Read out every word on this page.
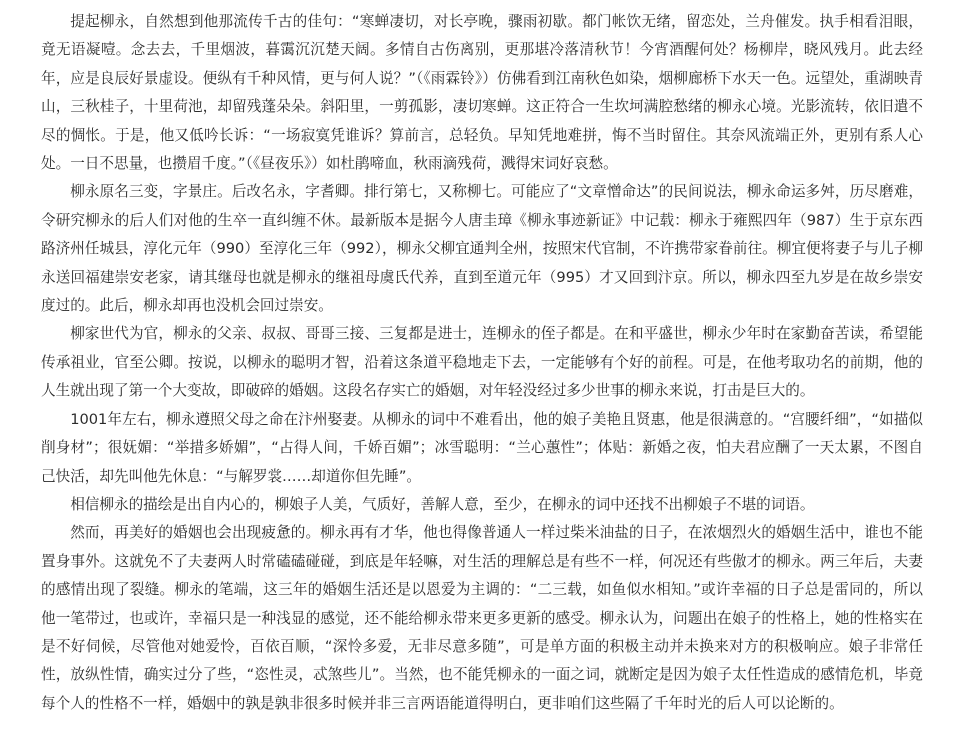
提起柳永，自然想到他那流传千古的佳句：“寒蝉凄切，对长亭晚，骤雨初歇。都门帐饮无绪，留恋处，兰舟催发。执手相看泪眼，竟无语凝噎。念去去，千里烟波，暮霭沉沉楚天阔。多情自古伤离别，更那堪冷落清秋节！今宵酒醒何处？杨柳岸，晓风残月。此去经年，应是良辰好景虚设。便纵有千种风情，更与何人说？”（《雨霖铃》）仿佛看到江南秋色如染，烟柳廊桥下水天一色。远望处，重湖映青山，三秋桂子，十里荷池，却留残蓬朵朵。斜阳里，一剪孤影，凄切寒蝉。这正符合一生坎坷满腔愁绪的柳永心境。光影流转，依旧遣不尽的惆怅。于是，他又低吟长诉：“一场寂寞凭谁诉？算前言，总轻负。早知凭地难拼，悔不当时留住。其奈风流端正外，更别有系人心处。一日不思量，也攒眉千度。”（《昼夜乐》）如杜鹃啼血，秋雨滴残荷，溅得宋词好哀愁。

柳永原名三变，字景庄。后改名永，字耆卿。排行第七，又称柳七。可能应了“文章憎命达”的民间说法，柳永命运多舛，历尽磨难，令研究柳永的后人们对他的生卒一直纠缠不休。最新版本是据今人唐圭璋《柳永事迹新证》中记载：柳永于雍熙四年（987）生于京东西路济州任城县，淳化元年（990）至淳化三年（992），柳永父柳宜通判全州，按照宋代官制，不许携带家眷前往。柳宜便将妻子与儿子柳永送回福建崇安老家，请其继母也就是柳永的继祖母虞氏代养，直到至道元年（995）才又回到汴京。所以，柳永四至九岁是在故乡崇安度过的。此后，柳永却再也没机会回过崇安。

柳家世代为官，柳永的父亲、叔叔、哥哥三接、三复都是进士，连柳永的侄子都是。在和平盛世，柳永少年时在家勤奋苦读，希望能传承祖业，官至公卿。按说，以柳永的聪明才智，沿着这条道平稳地走下去，一定能够有个好的前程。可是，在他考取功名的前期，他的人生就出现了第一个大变故，即破碎的婚姻。这段名存实亡的婚姻，对年轻没经过多少世事的柳永来说，打击是巨大的。

1001年左右，柳永遵照父母之命在汴州娶妻。从柳永的词中不难看出，他的娘子美艳且贤惠，他是很满意的。“宫腰纤细”，“如描似削身材”；很妩媚：“举措多娇媚”，“占得人间，千娇百媚”；冰雪聪明：“兰心蕙性”；体贴：新婚之夜，怕夫君应酬了一天太累，不图自己快活，却先叫他先休息：“与解罗裳……却道你但先睡”。

相信柳永的描绘是出自内心的，柳娘子人美，气质好，善解人意，至少，在柳永的词中还找不出柳娘子不堪的词语。

然而，再美好的婚姻也会出现疲惫的。柳永再有才华，他也得像普通人一样过柴米油盐的日子，在浓烟烈火的婚姻生活中，谁也不能置身事外。这就免不了夫妻两人时常磕磕碰碰，到底是年轻嘛，对生活的理解总是有些不一样，何况还有些傲才的柳永。两三年后，夫妻的感情出现了裂缝。柳永的笔端，这三年的婚姻生活还是以恩爱为主调的：“二三载，如鱼似水相知。”或许幸福的日子总是雷同的，所以他一笔带过，也或许，幸福只是一种浅显的感觉，还不能给柳永带来更多更新的感受。柳永认为，问题出在娘子的性格上，她的性格实在是不好伺候，尽管他对她爱怜，百依百顺，“深怜多爱，无非尽意多随”，可是单方面的积极主动并未换来对方的积极响应。娘子非常任性，放纵性情，确实过分了些，“恣性灵，忒煞些儿”。当然，也不能凭柳永的一面之词，就断定是因为娘子太任性造成的感情危机，毕竟每个人的性格不一样，婚姻中的孰是孰非很多时候并非三言两语能道得明白，更非咱们这些隔了千年时光的后人可以论断的。
